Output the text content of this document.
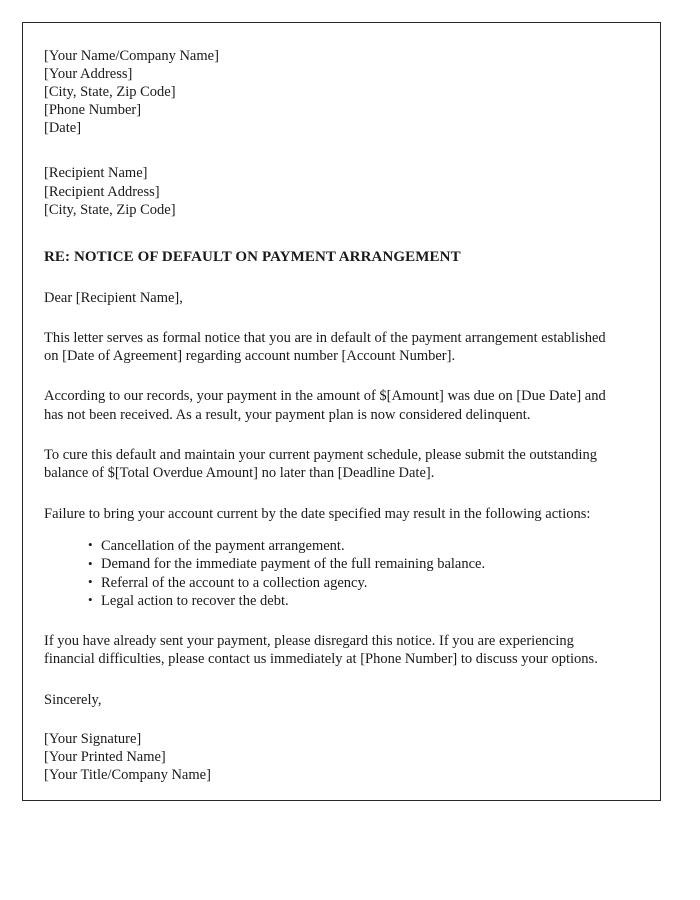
[Your Name/Company Name]
[Your Address]
[City, State, Zip Code]
[Phone Number]
[Date]
[Recipient Name]
[Recipient Address]
[City, State, Zip Code]
RE: NOTICE OF DEFAULT ON PAYMENT ARRANGEMENT
Dear [Recipient Name],

This letter serves as formal notice that you are in default of the payment arrangement established on [Date of Agreement] regarding account number [Account Number].

According to our records, your payment in the amount of $[Amount] was due on [Due Date] and has not been received. As a result, your payment plan is now considered delinquent.

To cure this default and maintain your current payment schedule, please submit the outstanding balance of $[Total Overdue Amount] no later than [Deadline Date].

Failure to bring your account current by the date specified may result in the following actions:

• Cancellation of the payment arrangement.
• Demand for the immediate payment of the full remaining balance.
• Referral of the account to a collection agency.
• Legal action to recover the debt.

If you have already sent your payment, please disregard this notice. If you are experiencing financial difficulties, please contact us immediately at [Phone Number] to discuss your options.

Sincerely,
[Your Signature]
[Your Printed Name]
[Your Title/Company Name]
